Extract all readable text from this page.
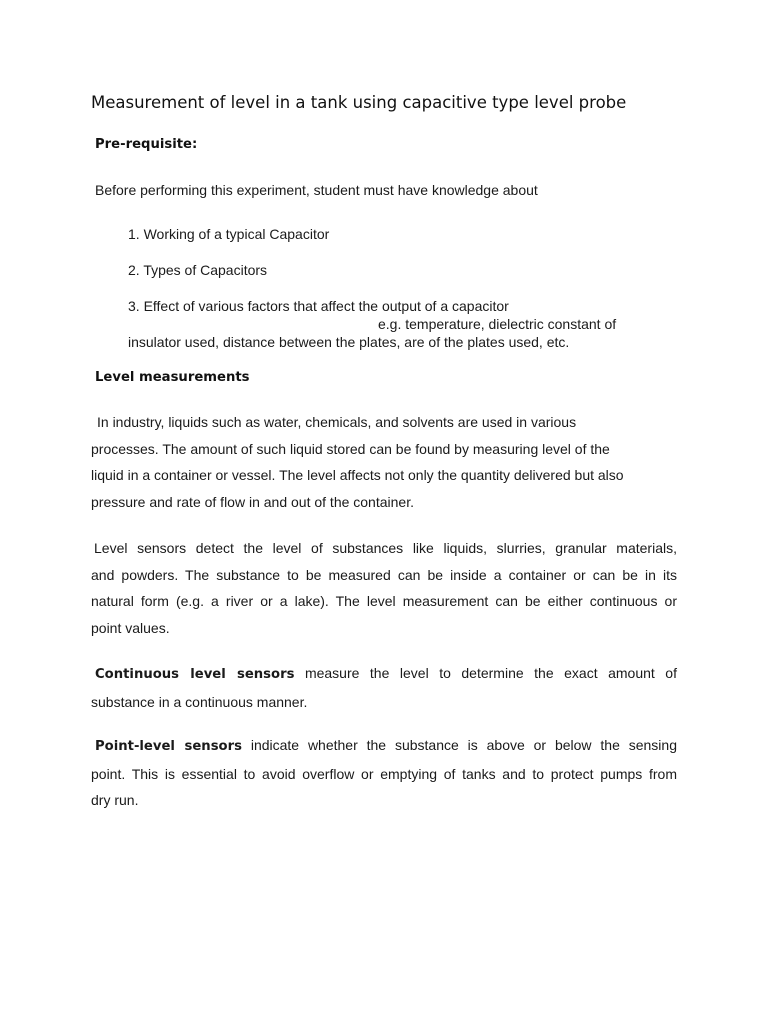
Measurement of level in a tank using capacitive type level probe
Pre-requisite:
Before performing this experiment, student must have knowledge about
1. Working of a typical Capacitor
2. Types of Capacitors
3. Effect of various factors that affect the output of a capacitor
e.g. temperature, dielectric constant of
insulator used, distance between the plates, are of the plates used, etc.
Level measurements
In industry, liquids such as water, chemicals, and solvents are used in various
processes. The amount of such liquid stored can be found by measuring level of the
liquid in a container or vessel. The level affects not only the quantity delivered but also
pressure and rate of flow in and out of the container.
Level sensors detect the level of substances like liquids, slurries, granular materials,
and powders. The substance to be measured can be inside a container or can be in its
natural form (e.g. a river or a lake). The level measurement can be either continuous or
point values.
Continuous level sensors measure the level to determine the exact amount of
substance in a continuous manner.
Point-level sensors indicate whether the substance is above or below the sensing
point. This is essential to avoid overflow or emptying of tanks and to protect pumps from
dry run.
